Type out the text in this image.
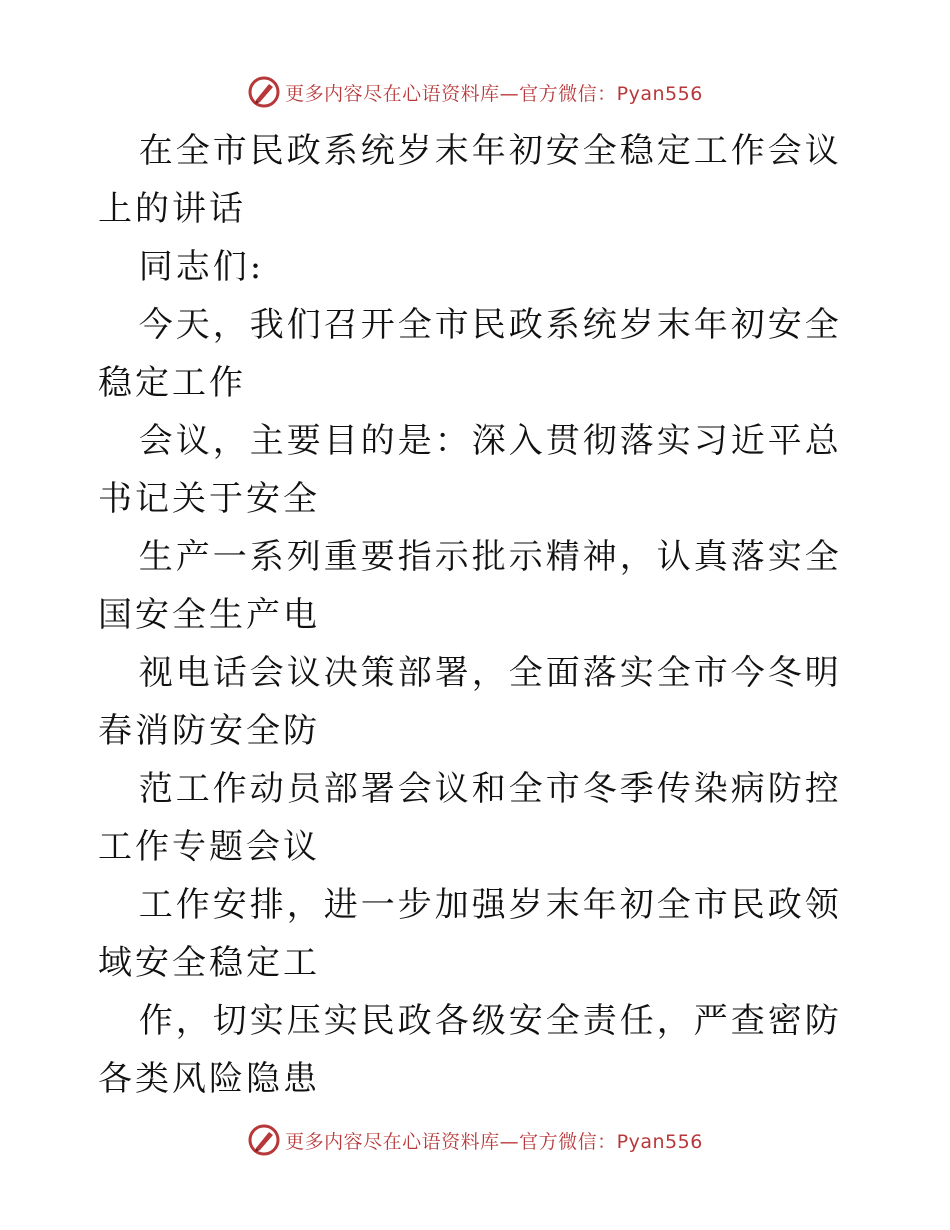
更多内容尽在心语资料库—官方微信：Pyan556

在全市民政系统岁末年初安全稳定工作会议上的讲话

同志们:

今天，我们召开全市民政系统岁末年初安全稳定工作

会议，主要目的是：深入贯彻落实习近平总书记关于安全

生产一系列重要指示批示精神，认真落实全国安全生产电

视电话会议决策部署，全面落实全市今冬明春消防安全防

范工作动员部署会议和全市冬季传染病防控工作专题会议

工作安排，进一步加强岁末年初全市民政领域安全稳定工

作，切实压实民政各级安全责任，严查密防各类风险隐患

更多内容尽在心语资料库—官方微信：Pyan556
